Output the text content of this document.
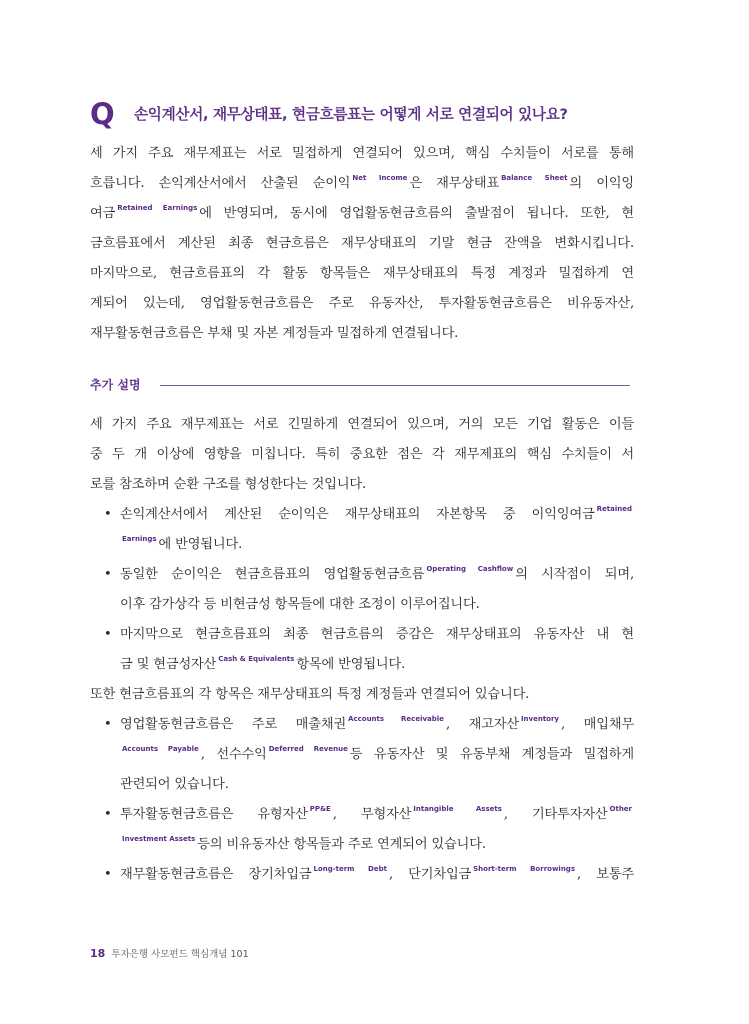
Q 손익계산서, 재무상태표, 현금흐름표는 어떻게 서로 연결되어 있나요?
세 가지 주요 재무제표는 서로 밀접하게 연결되어 있으며, 핵심 수치들이 서로를 통해
흐릅니다. 손익계산서에서 산출된 순이익 $^{Net Income}$ 은 재무상태표 $^{Balance Sheet}$ 의 이익잉
여금 $^{Retained Earnings}$ 에 반영되며, 동시에 영업활동현금흐름의 출발점이 됩니다. 또한, 현
금흐름표에서 계산된 최종 현금흐름은 재무상태표의 기말 현금 잔액을 변화시킵니다.
마지막으로, 현금흐름표의 각 활동 항목들은 재무상태표의 특정 계정과 밀접하게 연
계되어 있는데, 영업활동현금흐름은 주로 유동자산, 투자활동현금흐름은 비유동자산,
재무활동현금흐름은 부채 및 자본 계정들과 밀접하게 연결됩니다.
추가 설명
세 가지 주요 재무제표는 서로 긴밀하게 연결되어 있으며, 거의 모든 기업 활동은 이들
중 두 개 이상에 영향을 미칩니다. 특히 중요한 점은 각 재무제표의 핵심 수치들이 서
로를 참조하며 순환 구조를 형성한다는 것입니다.
• 손익계산서에서 계산된 순이익은 재무상태표의 자본항목 중 이익잉여금 $^{Retained}$
$^{Earnings}$ 에 반영됩니다.
• 동일한 순이익은 현금흐름표의 영업활동현금흐름 $^{Operating Cashflow}$ 의 시작점이 되며,
이후 감가상각 등 비현금성 항목들에 대한 조정이 이루어집니다.
• 마지막으로 현금흐름표의 최종 현금흐름의 증감은 재무상태표의 유동자산 내 현
금 및 현금성자산 $^{Cash \& Equivalents}$ 항목에 반영됩니다.
또한 현금흐름표의 각 항목은 재무상태표의 특정 계정들과 연결되어 있습니다.
• 영업활동현금흐름은 주로 매출채권 $^{Accounts Receivable}$ , 재고자산 $^{Inventory}$ , 매입채무
$^{Accounts Payable}$ , 선수수익 $^{Deferred Revenue}$ 등 유동자산 및 유동부채 계정들과 밀접하게
관련되어 있습니다.
• 투자활동현금흐름은 유형자산 $^{PP\&E}$ , 무형자산 $^{Intangible Assets}$ , 기타투자자산 $^{Other}$
$^{Investment Assets}$ 등의 비유동자산 항목들과 주로 연계되어 있습니다.
• 재무활동현금흐름은 장기차입금 $^{Long-term Debt}$ , 단기차입금 $^{Short-term Borrowings}$ , 보통주
18 투자은행 사모펀드 핵심개념 101
